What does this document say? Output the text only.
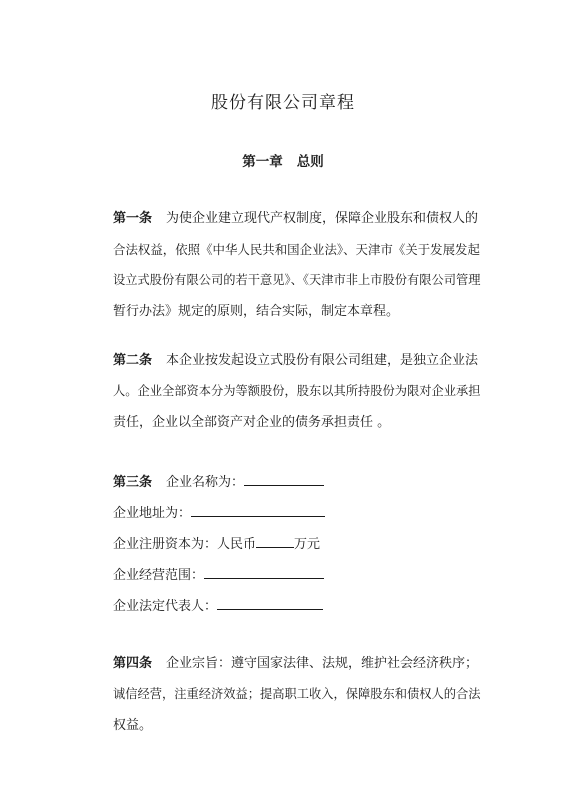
股份有限公司章程
第一章 总则
第一条 为使企业建立现代产权制度，保障企业股东和债权人的
合法权益，依照《中华人民共和国企业法》、天津市《关于发展发起
设立式股份有限公司的若干意见》、《天津市非上市股份有限公司管理
暂行办法》规定的原则，结合实际，制定本章程。
第二条 本企业按发起设立式股份有限公司组建，是独立企业法
人。企业全部资本分为等额股份，股东以其所持股份为限对企业承担
责任，企业以全部资产对企业的债务承担责任 。
第三条 企业名称为：
企业地址为：
企业注册资本为：人民币	万元
企业经营范围：
企业法定代表人：
第四条 企业宗旨：遵守国家法律、法规，维护社会经济秩序；
诚信经营，注重经济效益；提高职工收入，保障股东和债权人的合法
权益。
